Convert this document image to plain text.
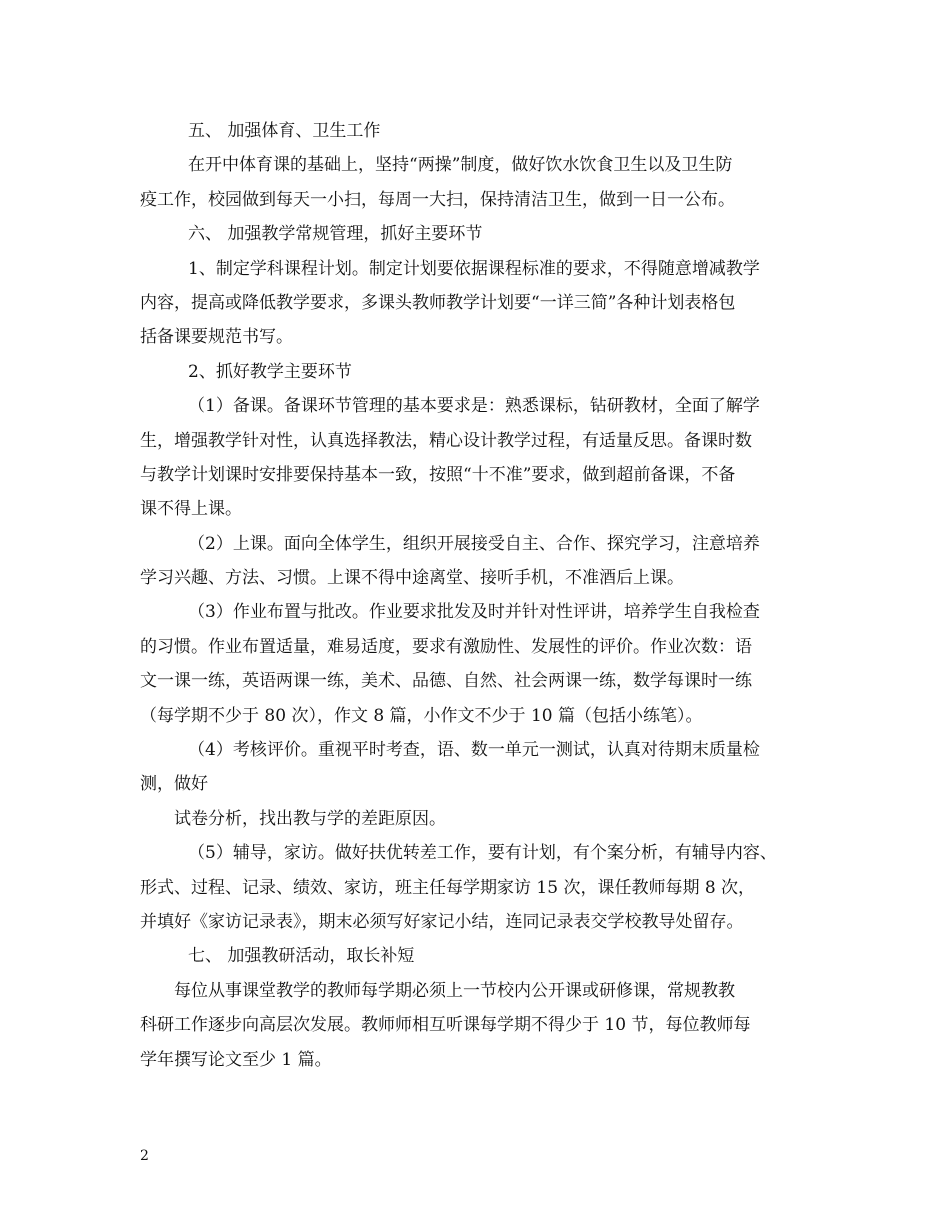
五、 加强体育、卫生工作
在开中体育课的基础上，坚持“两操”制度，做好饮水饮食卫生以及卫生防
疫工作，校园做到每天一小扫，每周一大扫，保持清洁卫生，做到一日一公布。
六、 加强教学常规管理，抓好主要环节
1、制定学科课程计划。制定计划要依据课程标准的要求，不得随意增减教学
内容，提高或降低教学要求，多课头教师教学计划要“一详三简”各种计划表格包
括备课要规范书写。
2、抓好教学主要环节
（1）备课。备课环节管理的基本要求是：熟悉课标，钻研教材，全面了解学
生，增强教学针对性，认真选择教法，精心设计教学过程，有适量反思。备课时数
与教学计划课时安排要保持基本一致，按照“十不准”要求，做到超前备课，不备
课不得上课。
（2）上课。面向全体学生，组织开展接受自主、合作、探究学习，注意培养
学习兴趣、方法、习惯。上课不得中途离堂、接听手机，不准酒后上课。
（3）作业布置与批改。作业要求批发及时并针对性评讲，培养学生自我检查
的习惯。作业布置适量，难易适度，要求有激励性、发展性的评价。作业次数：语
文一课一练，英语两课一练，美术、品德、自然、社会两课一练，数学每课时一练
（每学期不少于 80 次），作文 8 篇，小作文不少于 10 篇（包括小练笔）。
（4）考核评价。重视平时考查，语、数一单元一测试，认真对待期末质量检
测，做好
试卷分析，找出教与学的差距原因。
（5）辅导，家访。做好扶优转差工作，要有计划，有个案分析，有辅导内容、
形式、过程、记录、绩效、家访，班主任每学期家访 15 次，课任教师每期 8 次，
并填好《家访记录表》，期末必须写好家记小结，连同记录表交学校教导处留存。
七、 加强教研活动，取长补短
每位从事课堂教学的教师每学期必须上一节校内公开课或研修课，常规教教
科研工作逐步向高层次发展。教师师相互听课每学期不得少于 10 节，每位教师每
学年撰写论文至少 1 篇。
2
